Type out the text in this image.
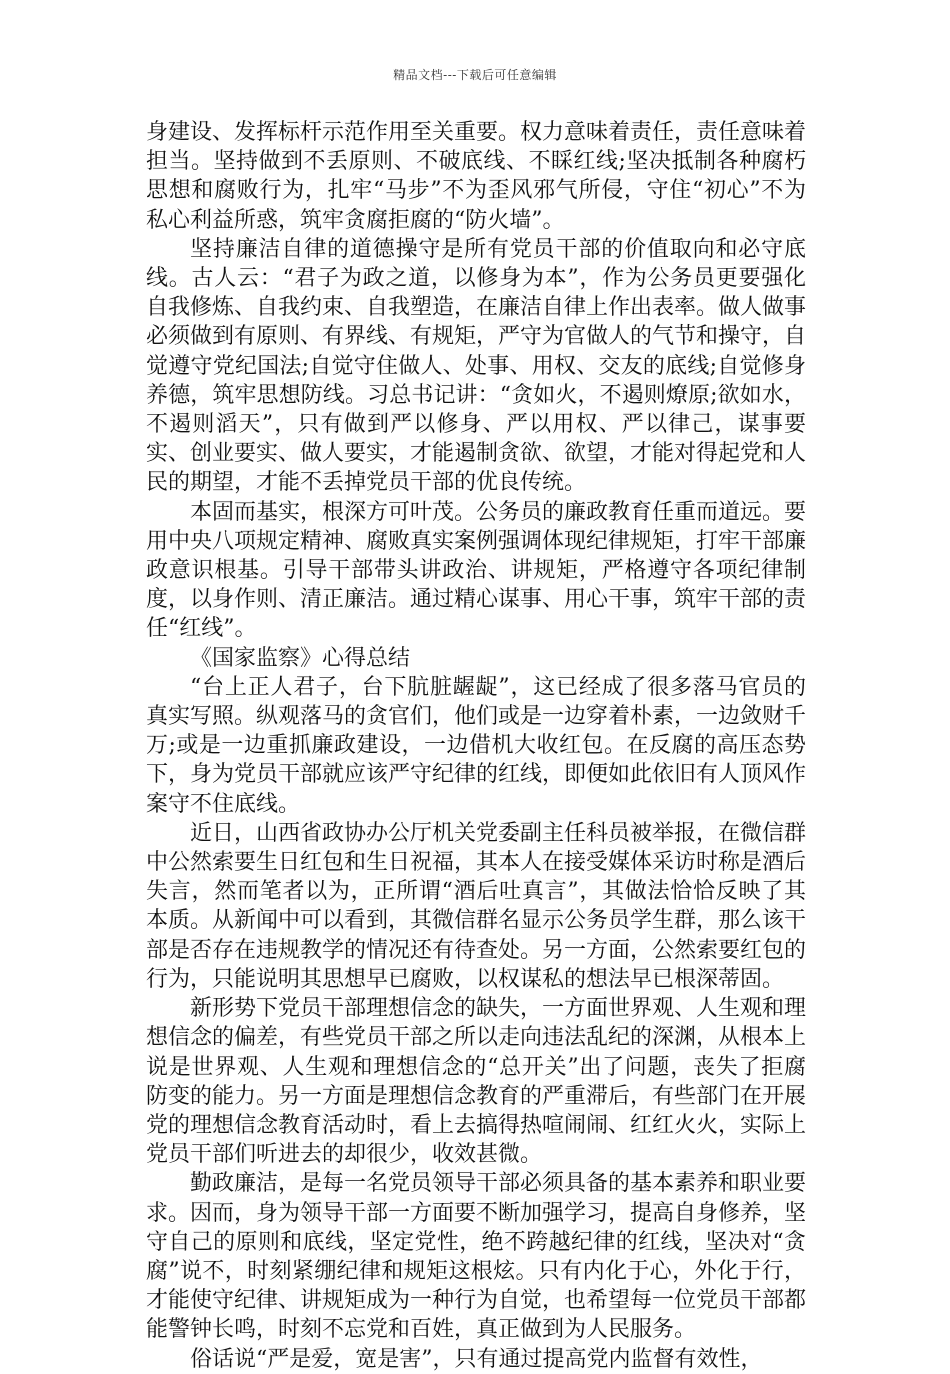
精品文档---下载后可任意编辑

身建设、发挥标杆示范作用至关重要。权力意味着责任，责任意味着担当。坚持做到不丢原则、不破底线、不睬红线;坚决抵制各种腐朽思想和腐败行为，扎牢“马步”不为歪风邪气所侵，守住“初心”不为私心利益所惑，筑牢贪腐拒腐的“防火墙”。

坚持廉洁自律的道德操守是所有党员干部的价值取向和必守底线。古人云：“君子为政之道，以修身为本”，作为公务员更要强化自我修炼、自我约束、自我塑造，在廉洁自律上作出表率。做人做事必须做到有原则、有界线、有规矩，严守为官做人的气节和操守，自觉遵守党纪国法;自觉守住做人、处事、用权、交友的底线;自觉修身养德，筑牢思想防线。习总书记讲：“贪如火，不遏则燎原;欲如水，不遏则滔天”，只有做到严以修身、严以用权、严以律己，谋事要实、创业要实、做人要实，才能遏制贪欲、欲望，才能对得起党和人民的期望，才能不丢掉党员干部的优良传统。

本固而基实，根深方可叶茂。公务员的廉政教育任重而道远。要用中央八项规定精神、腐败真实案例强调体现纪律规矩，打牢干部廉政意识根基。引导干部带头讲政治、讲规矩，严格遵守各项纪律制度，以身作则、清正廉洁。通过精心谋事、用心干事，筑牢干部的责任“红线”。

《国家监察》心得总结

“台上正人君子，台下肮脏龌龊”，这已经成了很多落马官员的真实写照。纵观落马的贪官们，他们或是一边穿着朴素，一边敛财千万;或是一边重抓廉政建设，一边借机大收红包。在反腐的高压态势下，身为党员干部就应该严守纪律的红线，即便如此依旧有人顶风作案守不住底线。

近日，山西省政协办公厅机关党委副主任科员被举报，在微信群中公然索要生日红包和生日祝福，其本人在接受媒体采访时称是酒后失言，然而笔者以为，正所谓“酒后吐真言”，其做法恰恰反映了其本质。从新闻中可以看到，其微信群名显示公务员学生群，那么该干部是否存在违规教学的情况还有待查处。另一方面，公然索要红包的行为，只能说明其思想早已腐败，以权谋私的想法早已根深蒂固。

新形势下党员干部理想信念的缺失，一方面世界观、人生观和理想信念的偏差，有些党员干部之所以走向违法乱纪的深渊，从根本上说是世界观、人生观和理想信念的“总开关”出了问题，丧失了拒腐防变的能力。另一方面是理想信念教育的严重滞后，有些部门在开展党的理想信念教育活动时，看上去搞得热喧闹闹、红红火火，实际上党员干部们听进去的却很少，收效甚微。

勤政廉洁，是每一名党员领导干部必须具备的基本素养和职业要求。因而，身为领导干部一方面要不断加强学习，提高自身修养，坚守自己的原则和底线，坚定党性，绝不跨越纪律的红线，坚决对“贪腐”说不，时刻紧绷纪律和规矩这根炫。只有内化于心，外化于行，才能使守纪律、讲规矩成为一种行为自觉，也希望每一位党员干部都能警钟长鸣，时刻不忘党和百姓，真正做到为人民服务。

俗话说“严是爱，宽是害”，只有通过提高党内监督有效性，
